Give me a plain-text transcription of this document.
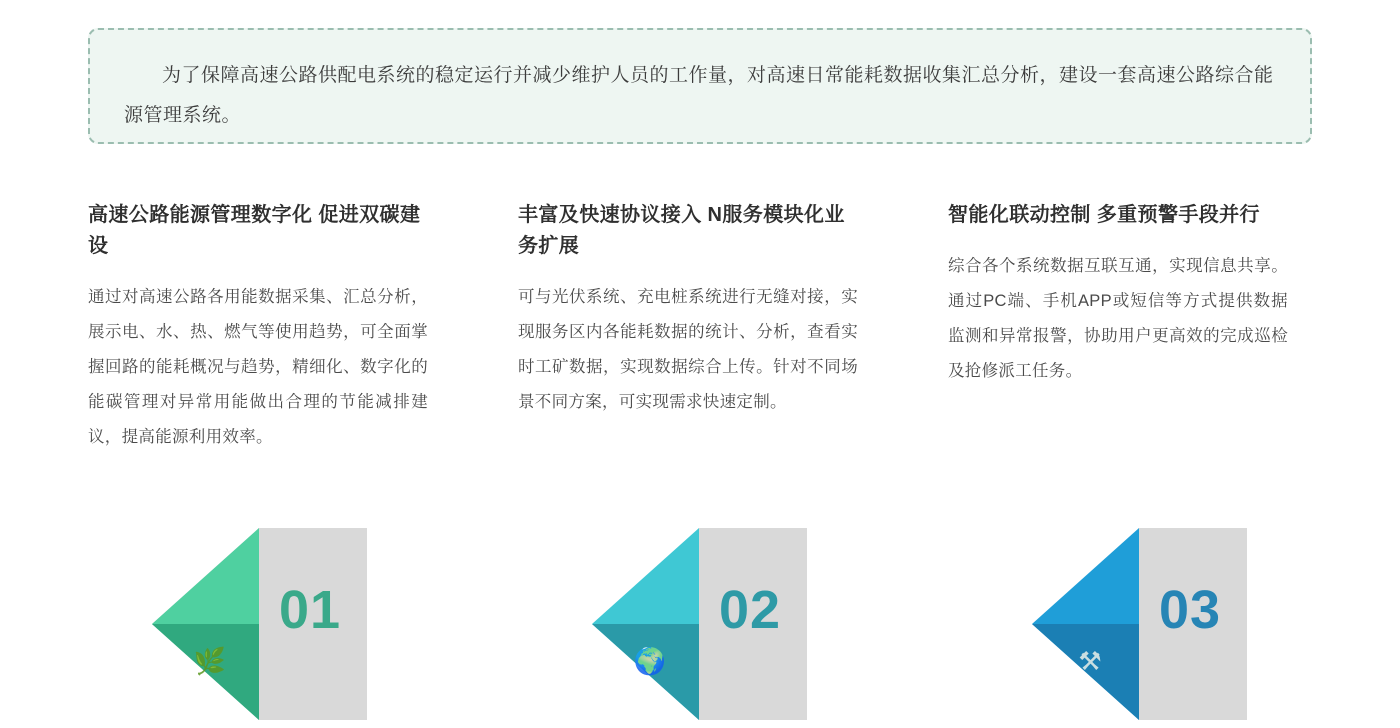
为了保障高速公路供配电系统的稳定运行并减少维护人员的工作量，对高速日常能耗数据收集汇总分析，建设一套高速公路综合能源管理系统。
高速公路能源管理数字化 促进双碳建设
通过对高速公路各用能数据采集、汇总分析，展示电、水、热、燃气等使用趋势，可全面掌握回路的能耗概况与趋势，精细化、数字化的能碳管理对异常用能做出合理的节能减排建议，提高能源利用效率。
丰富及快速协议接入 N服务模块化业务扩展
可与光伏系统、充电桩系统进行无缝对接，实现服务区内各能耗数据的统计、分析，查看实时工矿数据，实现数据综合上传。针对不同场景不同方案，可实现需求快速定制。
智能化联动控制 多重预警手段并行
综合各个系统数据互联互通，实现信息共享。通过PC端、手机APP或短信等方式提供数据监测和异常报警，协助用户更高效的完成巡检及抢修派工任务。
01
🌿
02
🌍
03
⚒
